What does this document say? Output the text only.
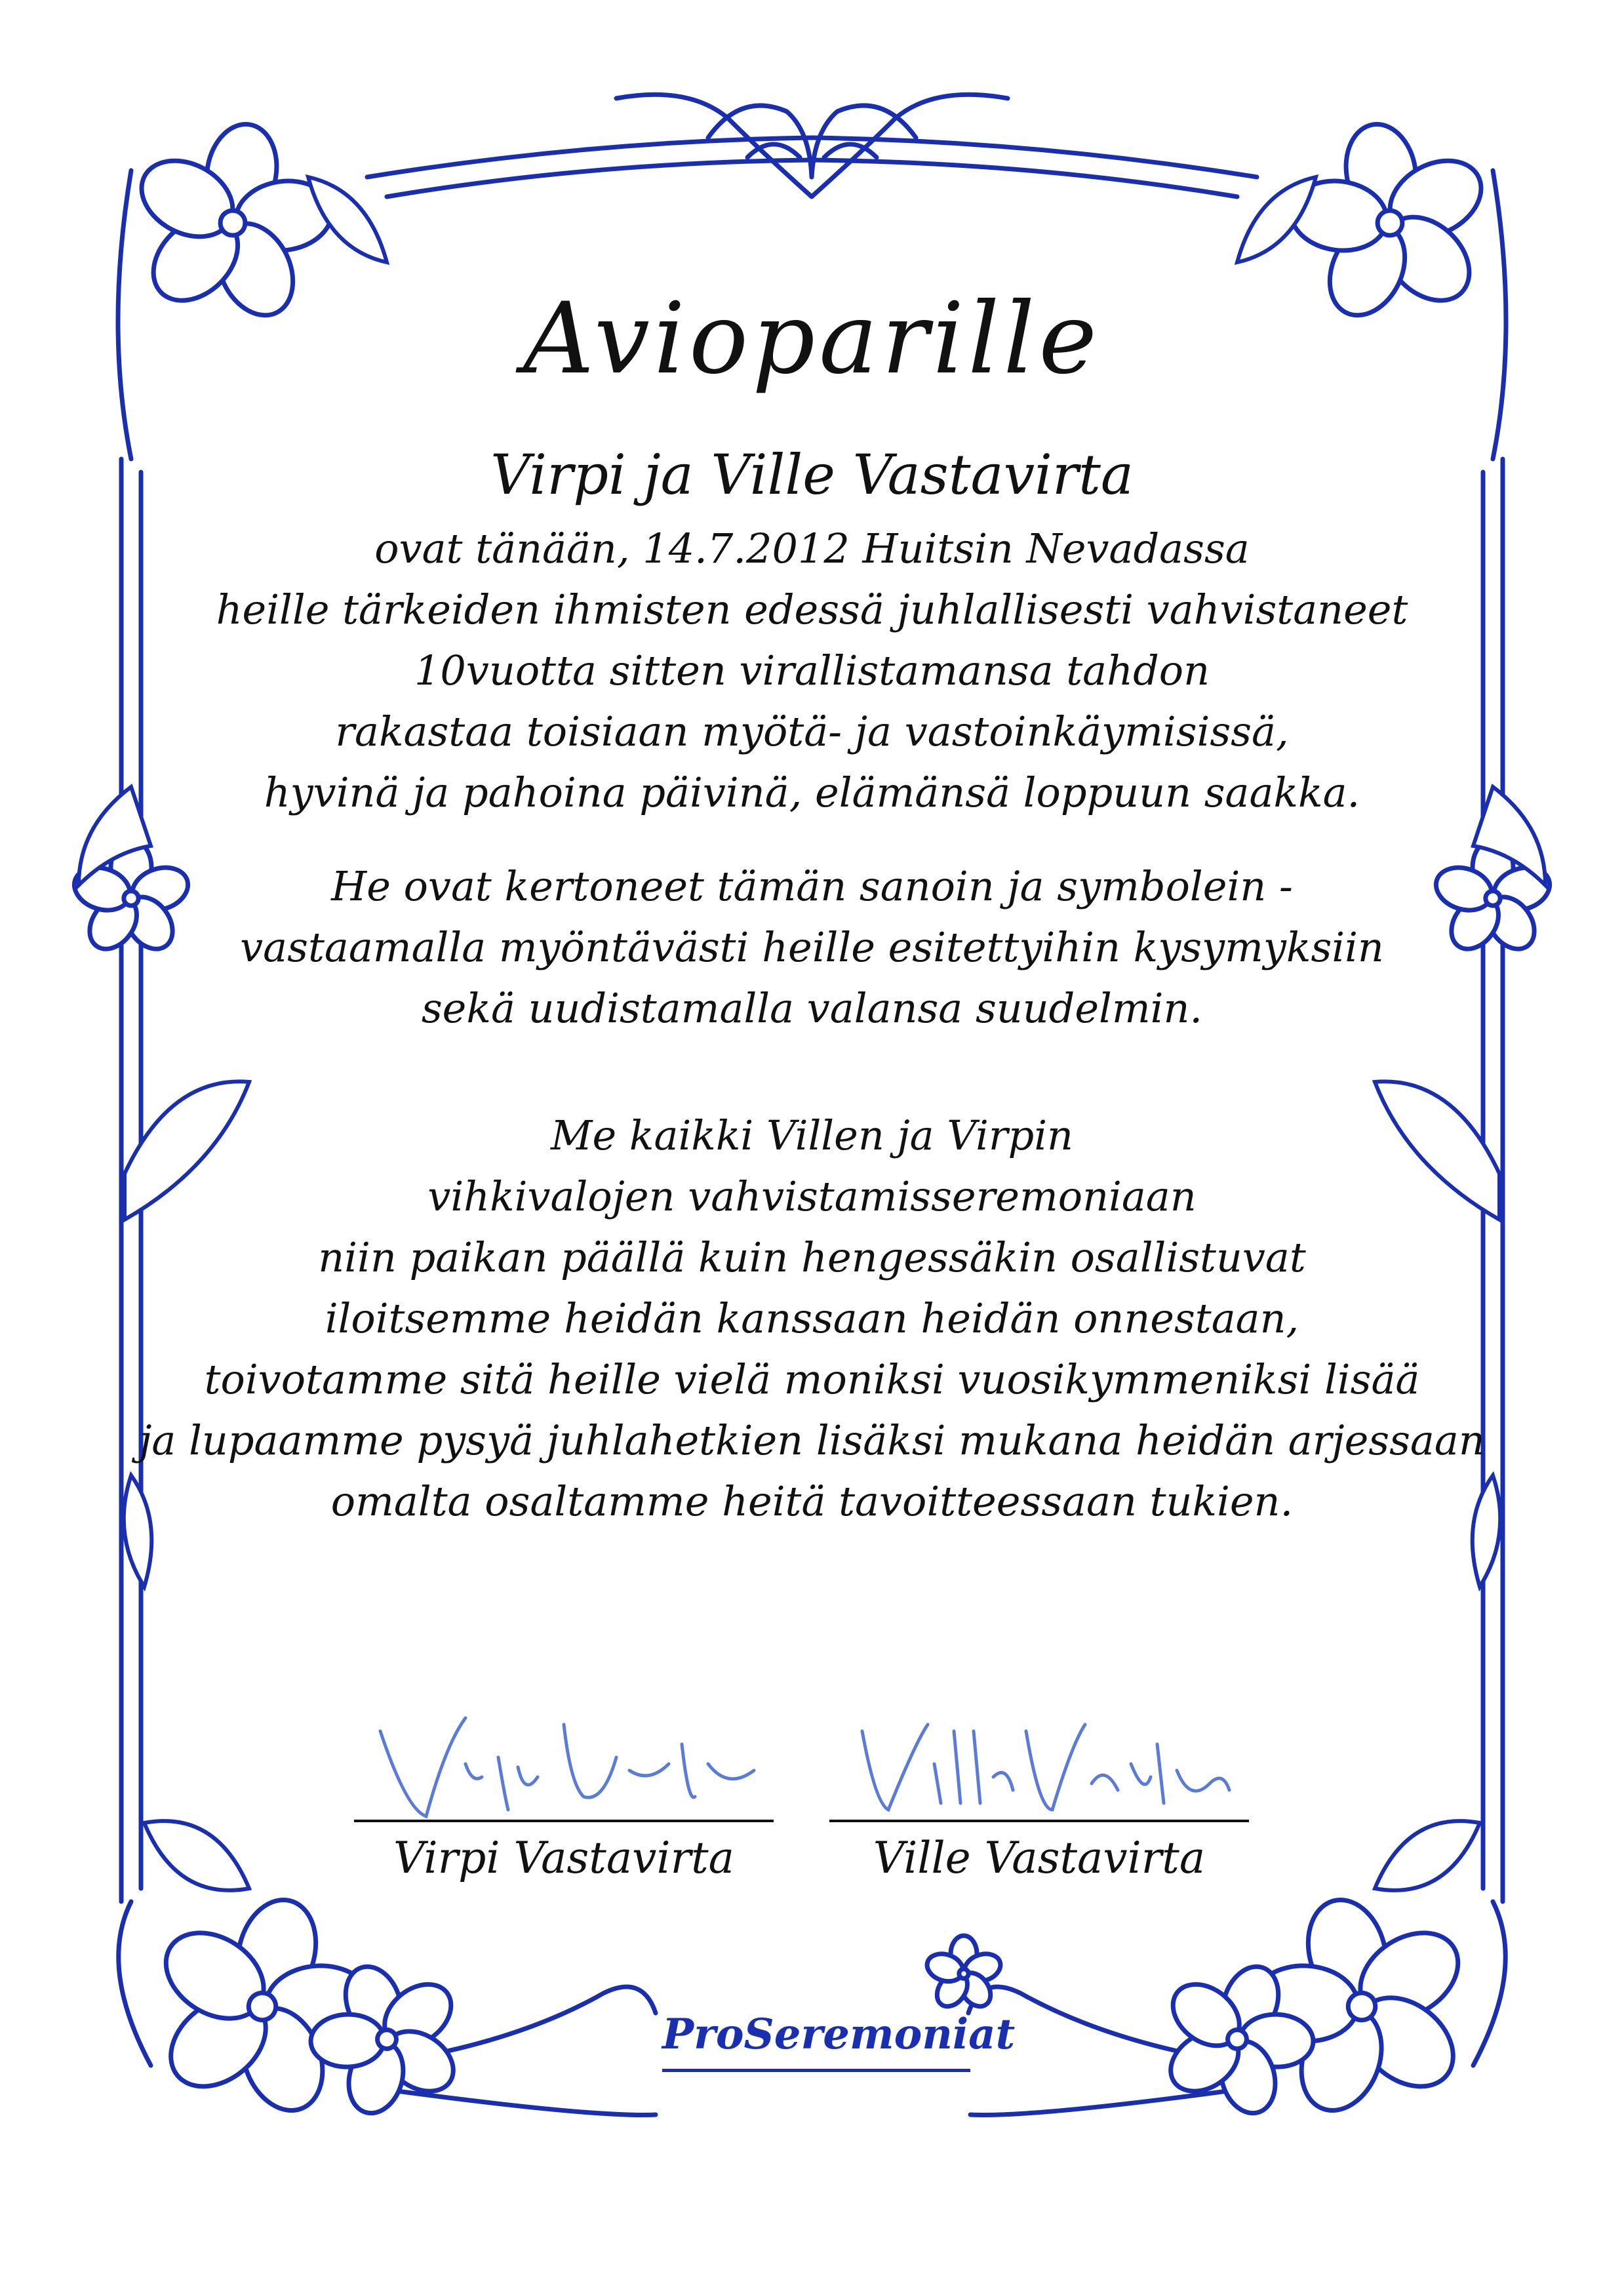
Avioparille
Virpi ja Ville Vastavirta
ovat tänään, 14.7.2012 Huitsin Nevadassa
heille tärkeiden ihmisten edessä juhlallisesti vahvistaneet
10vuotta sitten virallistamansa tahdon
rakastaa toisiaan myötä- ja vastoinkäymisissä,
hyvinä ja pahoina päivinä, elämänsä loppuun saakka.
He ovat kertoneet tämän sanoin ja symbolein -
vastaamalla myöntävästi heille esitettyihin kysymyksiin
sekä uudistamalla valansa suudelmin.
Me kaikki Villen ja Virpin
vihkivalojen vahvistamisseremoniaan
niin paikan päällä kuin hengessäkin osallistuvat
iloitsemme heidän kanssaan heidän onnestaan,
toivotamme sitä heille vielä moniksi vuosikymmeniksi lisää
ja lupaamme pysyä juhlahetkien lisäksi mukana heidän arjessaan
omalta osaltamme heitä tavoitteessaan tukien.
Virpi Vastavirta	Ville Vastavirta
ProSeremoniat
